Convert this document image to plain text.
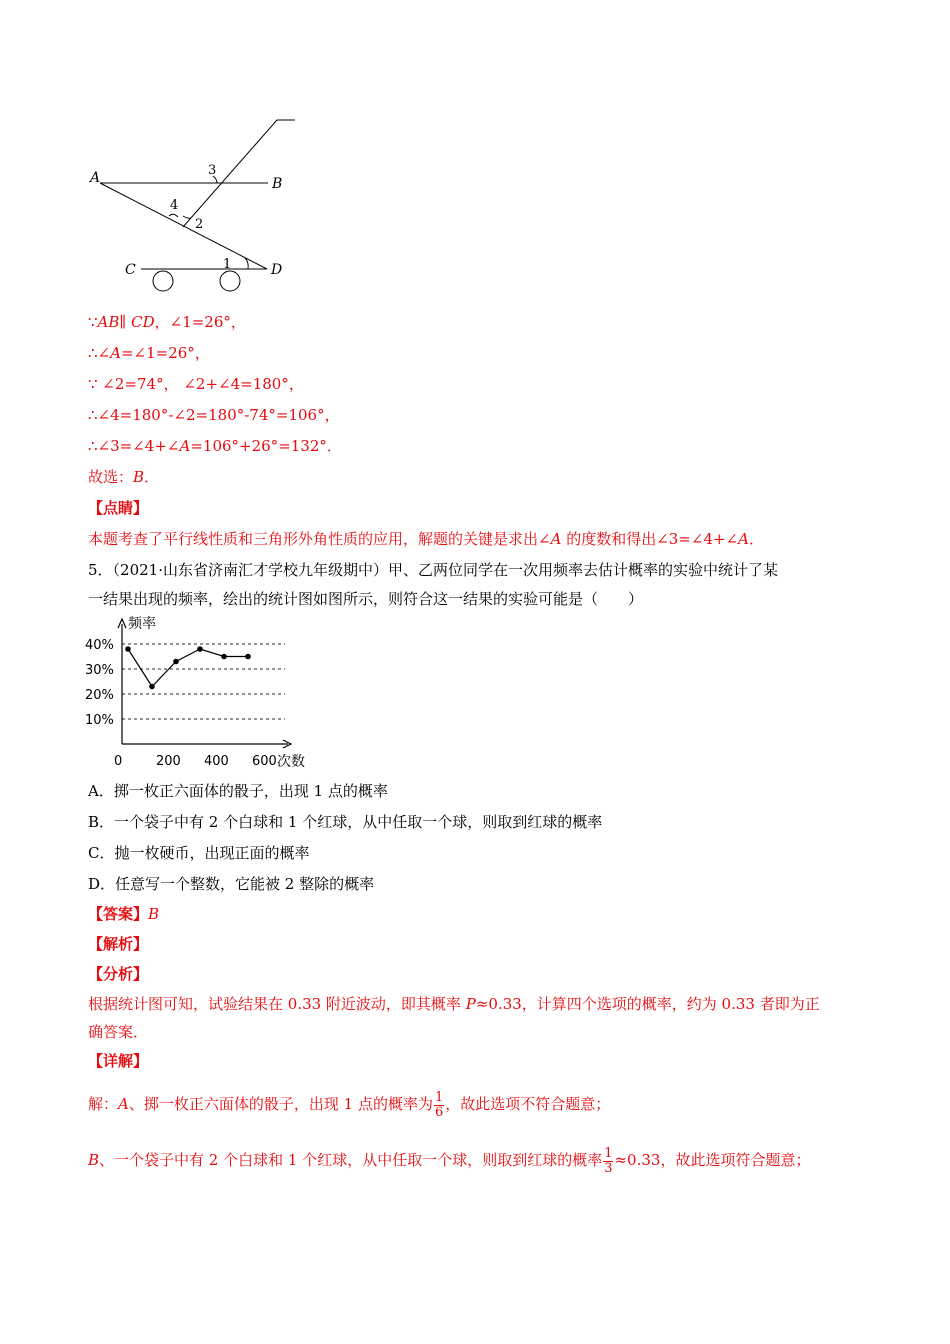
A	B
C	D
1
2
3
4
∵AB∥ CD，∠1=26°，
∴∠A=∠1=26°，
∵ ∠2=74°， ∠2+∠4=180°，
∴∠4=180°-∠2=180°-74°=106°，
∴∠3=∠4+∠A=106°+26°=132°．
故选：B．
【点睛】
本题考查了平行线性质和三角形外角性质的应用，解题的关键是求出∠A 的度数和得出∠3=∠4+∠A．
5．（2021·山东省济南汇才学校九年级期中）甲、乙两位同学在一次用频率去估计概率的实验中统计了某
一结果出现的频率，绘出的统计图如图所示，则符合这一结果的实验可能是（　　）
频率
次数
10%
20%
30%
40%
0	200 400 600
A．掷一枚正六面体的骰子，出现 1 点的概率
B．一个袋子中有 2 个白球和 1 个红球，从中任取一个球，则取到红球的概率
C．抛一枚硬币，出现正面的概率
D．任意写一个整数，它能被 2 整除的概率
【答案】B
【解析】
【分析】
根据统计图可知，试验结果在 0.33 附近波动，即其概率 P≈0.33，计算四个选项的概率，约为 0.33 者即为正
确答案．
【详解】
解：A、掷一枚正六面体的骰子，出现 1 点的概率为 $\frac{1}{6}$ ，故此选项不符合题意；
B、一个袋子中有 2 个白球和 1 个红球，从中任取一个球，则取到红球的概率 $\frac{1}{3} \approx 0.33$，故此选项符合题意；
